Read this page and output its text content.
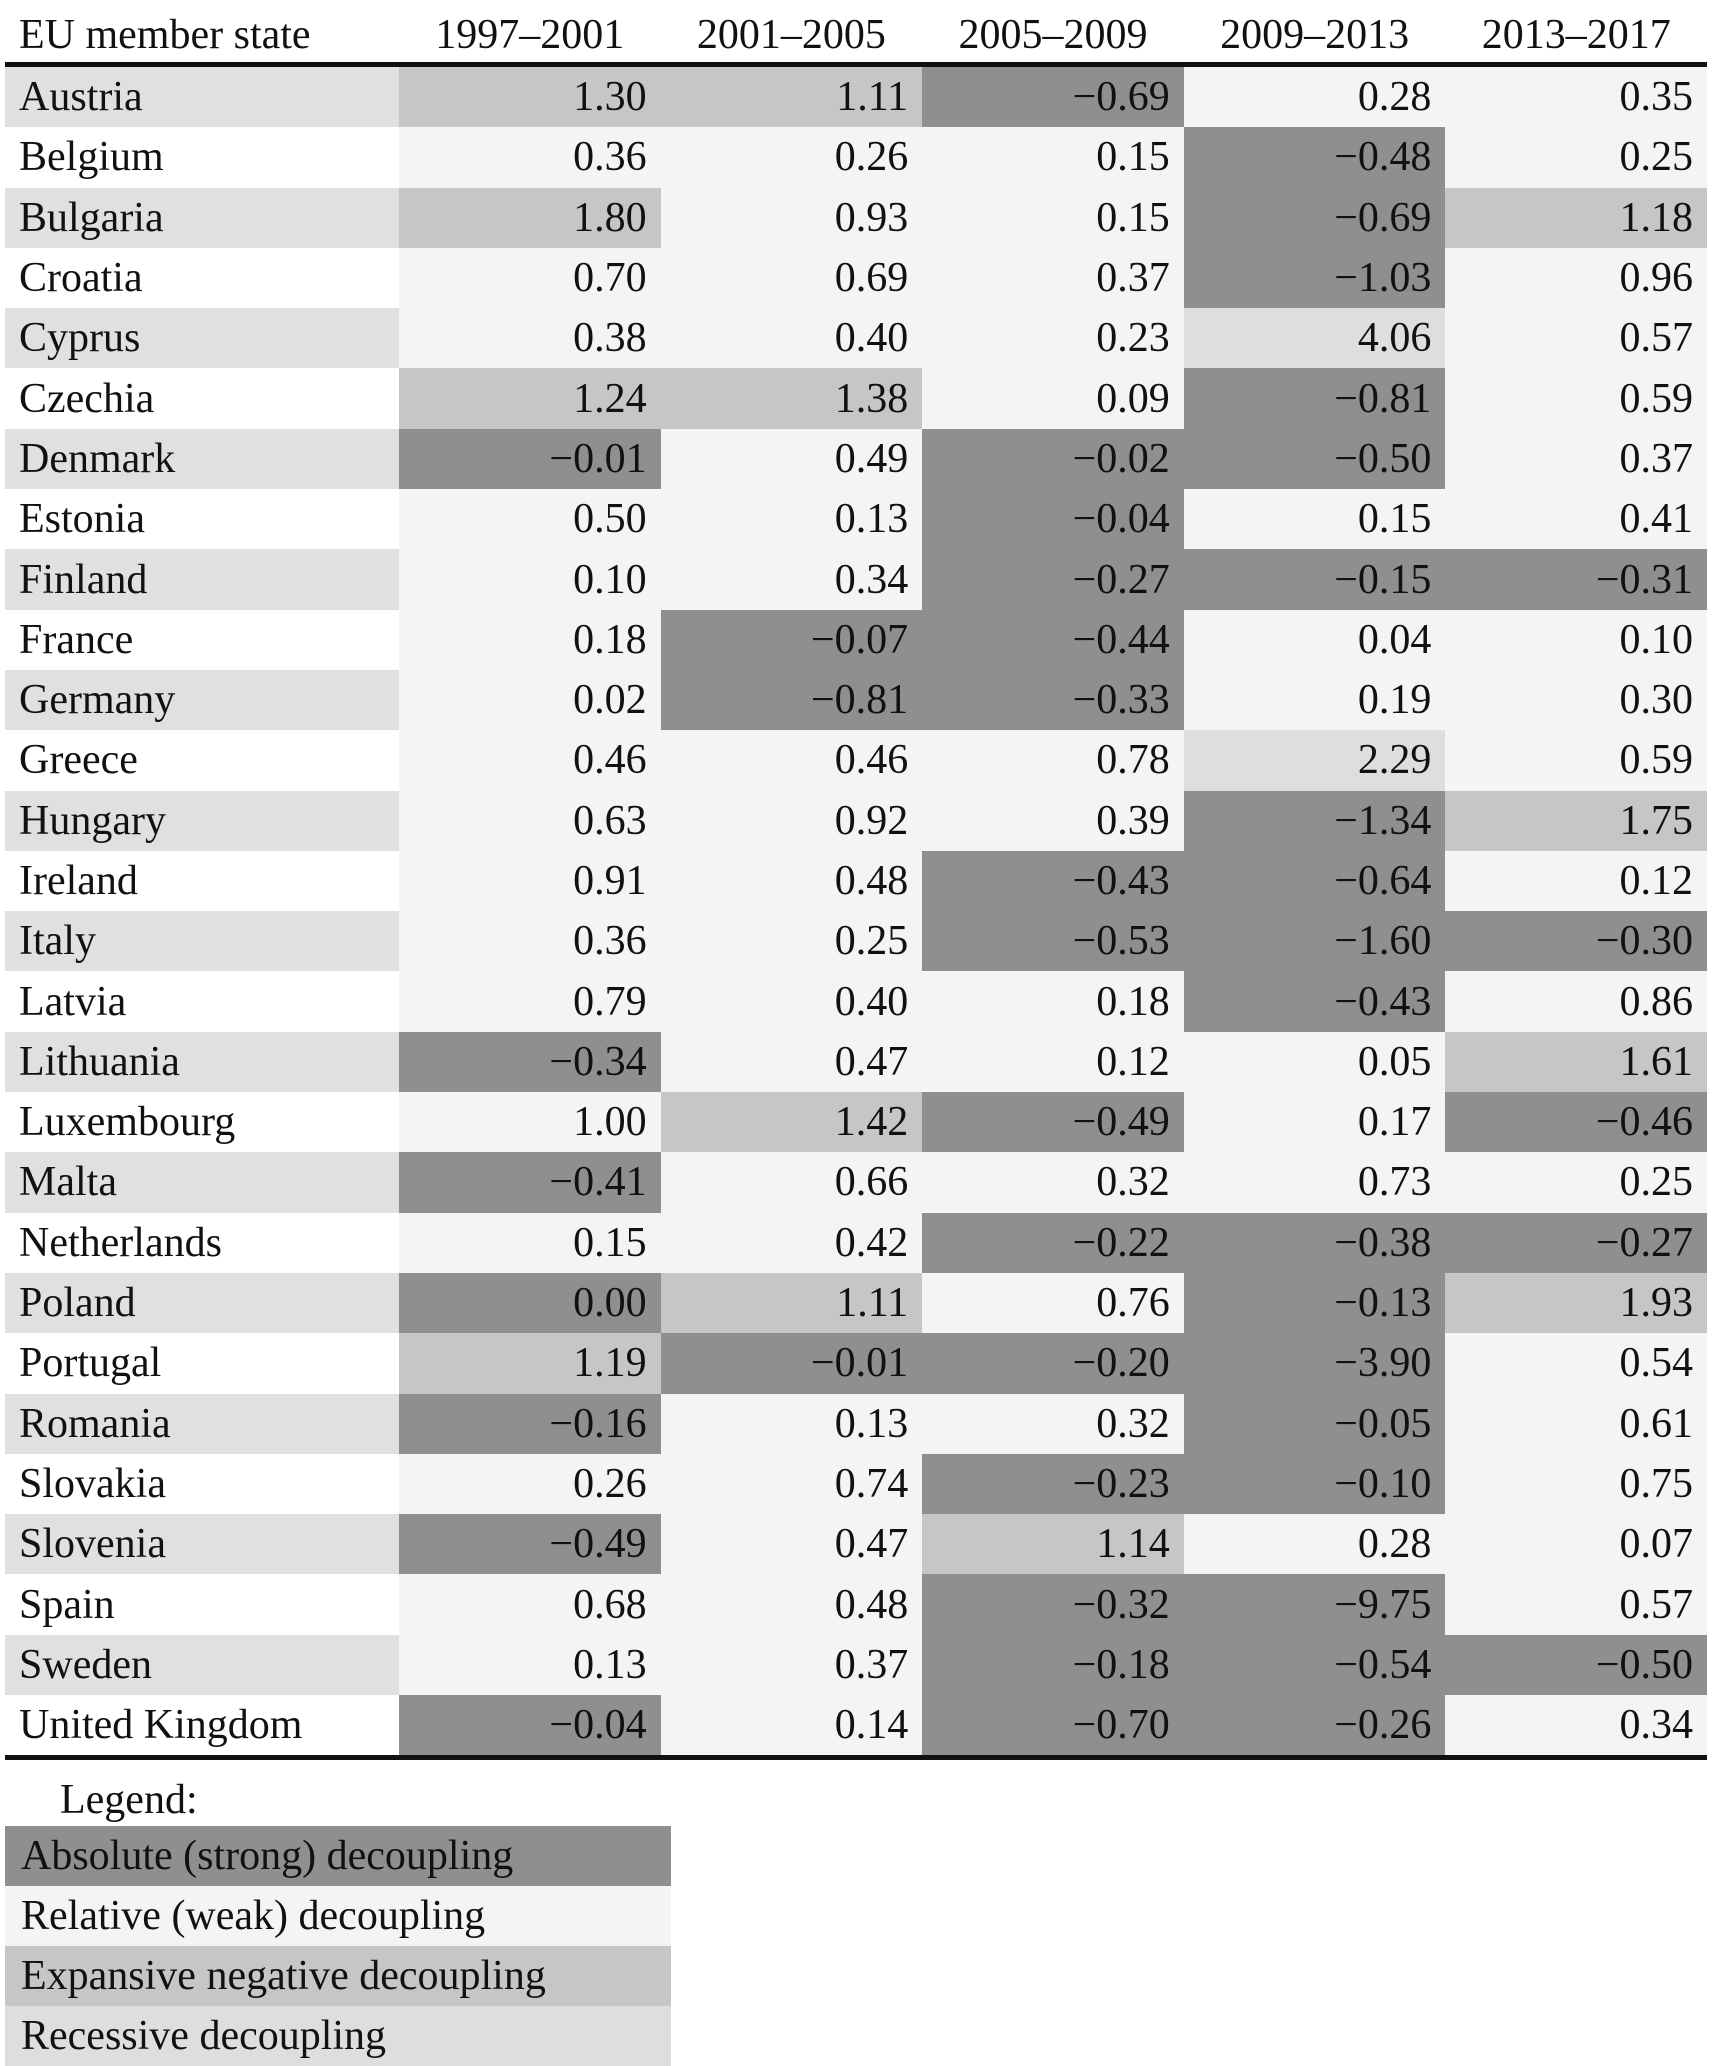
EU member state	1997–2001	2001–2005	2005–2009	2009–2013	2013–2017
Austria	1.30	1.11	−0.69	0.28	0.35
Belgium	0.36	0.26	0.15	−0.48	0.25
Bulgaria	1.80	0.93	0.15	−0.69	1.18
Croatia	0.70	0.69	0.37	−1.03	0.96
Cyprus	0.38	0.40	0.23	4.06	0.57
Czechia	1.24	1.38	0.09	−0.81	0.59
Denmark	−0.01	0.49	−0.02	−0.50	0.37
Estonia	0.50	0.13	−0.04	0.15	0.41
Finland	0.10	0.34	−0.27	−0.15	−0.31
France	0.18	−0.07	−0.44	0.04	0.10
Germany	0.02	−0.81	−0.33	0.19	0.30
Greece	0.46	0.46	0.78	2.29	0.59
Hungary	0.63	0.92	0.39	−1.34	1.75
Ireland	0.91	0.48	−0.43	−0.64	0.12
Italy	0.36	0.25	−0.53	−1.60	−0.30
Latvia	0.79	0.40	0.18	−0.43	0.86
Lithuania	−0.34	0.47	0.12	0.05	1.61
Luxembourg	1.00	1.42	−0.49	0.17	−0.46
Malta	−0.41	0.66	0.32	0.73	0.25
Netherlands	0.15	0.42	−0.22	−0.38	−0.27
Poland	0.00	1.11	0.76	−0.13	1.93
Portugal	1.19	−0.01	−0.20	−3.90	0.54
Romania	−0.16	0.13	0.32	−0.05	0.61
Slovakia	0.26	0.74	−0.23	−0.10	0.75
Slovenia	−0.49	0.47	1.14	0.28	0.07
Spain	0.68	0.48	−0.32	−9.75	0.57
Sweden	0.13	0.37	−0.18	−0.54	−0.50
United Kingdom	−0.04	0.14	−0.70	−0.26	0.34
Legend:
Absolute (strong) decoupling
Relative (weak) decoupling
Expansive negative decoupling
Recessive decoupling
